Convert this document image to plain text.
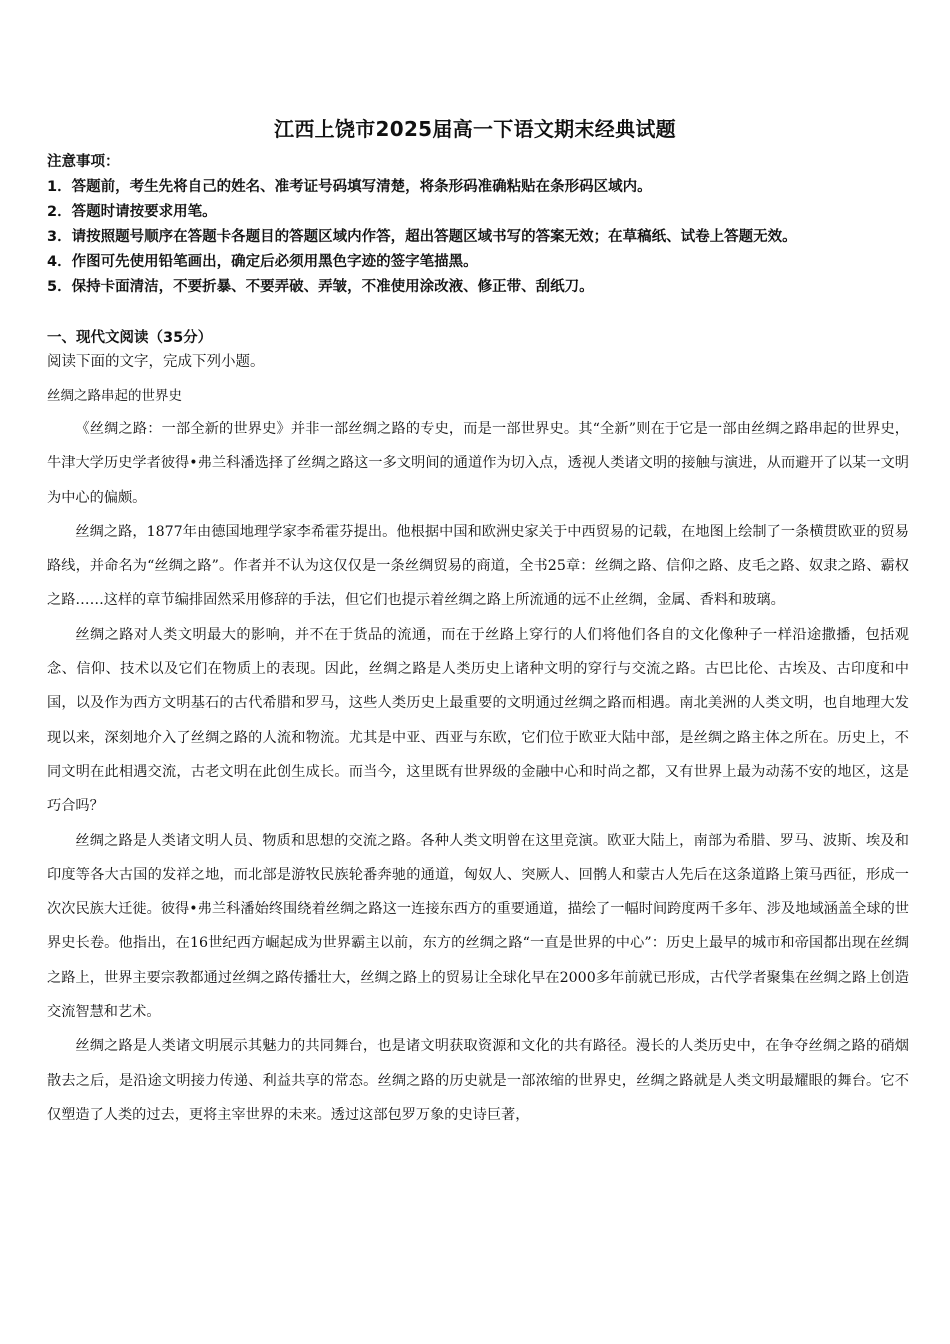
江西上饶市2025届高一下语文期末经典试题
注意事项：
1．答题前，考生先将自己的姓名、准考证号码填写清楚，将条形码准确粘贴在条形码区域内。
2．答题时请按要求用笔。
3．请按照题号顺序在答题卡各题目的答题区域内作答，超出答题区域书写的答案无效；在草稿纸、试卷上答题无效。
4．作图可先使用铅笔画出，确定后必须用黑色字迹的签字笔描黑。
5．保持卡面清洁，不要折暴、不要弄破、弄皱，不准使用涂改液、修正带、刮纸刀。
一、现代文阅读（35分）
阅读下面的文字，完成下列小题。
丝绸之路串起的世界史

《丝绸之路：一部全新的世界史》并非一部丝绸之路的专史，而是一部世界史。其“全新”则在于它是一部由丝绸之路串起的世界史，牛津大学历史学者彼得•弗兰科潘选择了丝绸之路这一多文明间的通道作为切入点，透视人类诸文明的接触与演进，从而避开了以某一文明为中心的偏颇。

丝绸之路，1877年由德国地理学家李希霍芬提出。他根据中国和欧洲史家关于中西贸易的记载，在地图上绘制了一条横贯欧亚的贸易路线，并命名为“丝绸之路”。作者并不认为这仅仅是一条丝绸贸易的商道，全书25章：丝绸之路、信仰之路、皮毛之路、奴隶之路、霸权之路……这样的章节编排固然采用修辞的手法，但它们也提示着丝绸之路上所流通的远不止丝绸，金属、香料和玻璃。

丝绸之路对人类文明最大的影响，并不在于货品的流通，而在于丝路上穿行的人们将他们各自的文化像种子一样沿途撒播，包括观念、信仰、技术以及它们在物质上的表现。因此，丝绸之路是人类历史上诸种文明的穿行与交流之路。古巴比伦、古埃及、古印度和中国，以及作为西方文明基石的古代希腊和罗马，这些人类历史上最重要的文明通过丝绸之路而相遇。南北美洲的人类文明，也自地理大发现以来，深刻地介入了丝绸之路的人流和物流。尤其是中亚、西亚与东欧，它们位于欧亚大陆中部，是丝绸之路主体之所在。历史上，不同文明在此相遇交流，古老文明在此创生成长。而当今，这里既有世界级的金融中心和时尚之都，又有世界上最为动荡不安的地区，这是巧合吗？

丝绸之路是人类诸文明人员、物质和思想的交流之路。各种人类文明曾在这里竞演。欧亚大陆上，南部为希腊、罗马、波斯、埃及和印度等各大古国的发祥之地，而北部是游牧民族轮番奔驰的通道，匈奴人、突厥人、回鹘人和蒙古人先后在这条道路上策马西征，形成一次次民族大迁徙。彼得•弗兰科潘始终围绕着丝绸之路这一连接东西方的重要通道，描绘了一幅时间跨度两千多年、涉及地域涵盖全球的世界史长卷。他指出，在16世纪西方崛起成为世界霸主以前，东方的丝绸之路“一直是世界的中心”：历史上最早的城市和帝国都出现在丝绸之路上，世界主要宗教都通过丝绸之路传播壮大，丝绸之路上的贸易让全球化早在2000多年前就已形成，古代学者聚集在丝绸之路上创造交流智慧和艺术。

丝绸之路是人类诸文明展示其魅力的共同舞台，也是诸文明获取资源和文化的共有路径。漫长的人类历史中，在争夺丝绸之路的硝烟散去之后，是沿途文明接力传递、利益共享的常态。丝绸之路的历史就是一部浓缩的世界史，丝绸之路就是人类文明最耀眼的舞台。它不仅塑造了人类的过去，更将主宰世界的未来。透过这部包罗万象的史诗巨著，
